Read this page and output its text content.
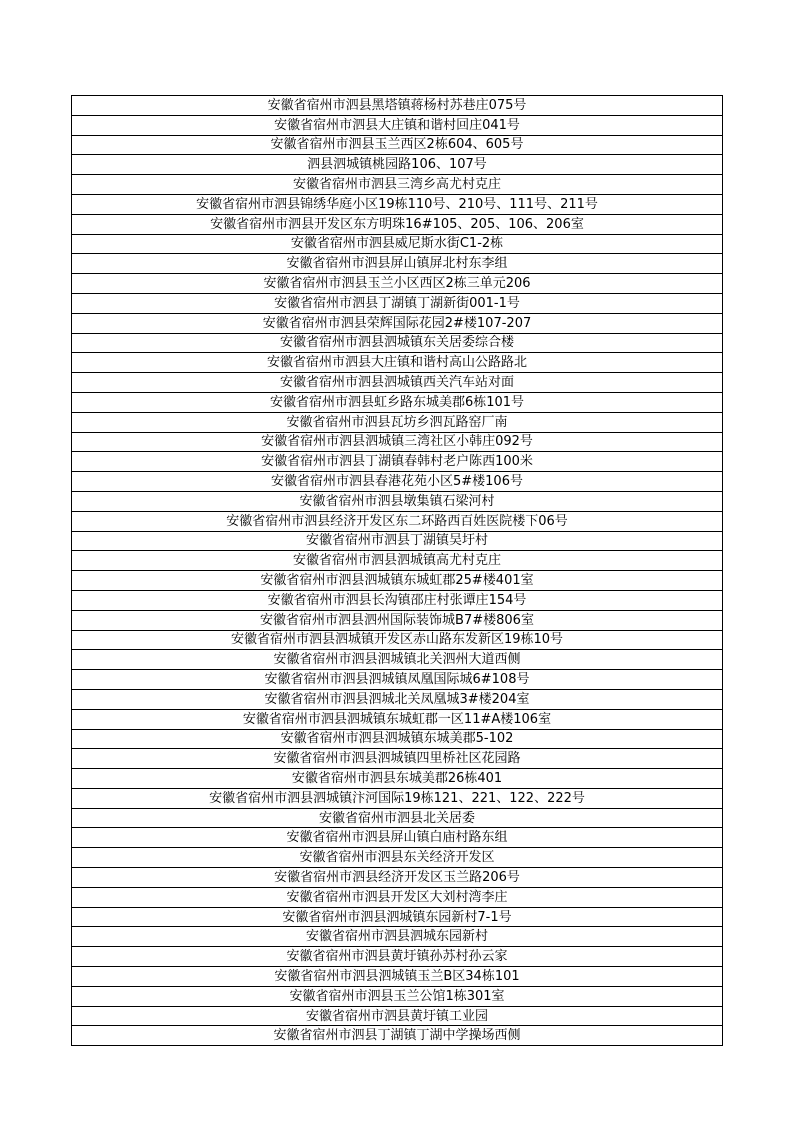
安徽省宿州市泗县黑塔镇蒋杨村苏巷庄075号
安徽省宿州市泗县大庄镇和谐村回庄041号
安徽省宿州市泗县玉兰西区2栋604、605号
泗县泗城镇桃园路106、107号
安徽省宿州市泗县三湾乡高尤村克庄
安徽省宿州市泗县锦绣华庭小区19栋110号、210号、111号、211号
安徽省宿州市泗县开发区东方明珠16#105、205、106、206室
安徽省宿州市泗县威尼斯水街C1-2栋
安徽省宿州市泗县屏山镇屏北村东李组
安徽省宿州市泗县玉兰小区西区2栋三单元206
安徽省宿州市泗县丁湖镇丁湖新街001-1号
安徽省宿州市泗县荣辉国际花园2#楼107-207
安徽省宿州市泗县泗城镇东关居委综合楼
安徽省宿州市泗县大庄镇和谐村高山公路路北
安徽省宿州市泗县泗城镇西关汽车站对面
安徽省宿州市泗县虹乡路东城美郡6栋101号
安徽省宿州市泗县瓦坊乡泗瓦路窑厂南
安徽省宿州市泗县泗城镇三湾社区小韩庄092号
安徽省宿州市泗县丁湖镇春韩村老户陈西100米
安徽省宿州市泗县春港花苑小区5#楼106号
安徽省宿州市泗县墩集镇石梁河村
安徽省宿州市泗县经济开发区东二环路西百姓医院楼下06号
安徽省宿州市泗县丁湖镇吴圩村
安徽省宿州市泗县泗城镇高尤村克庄
安徽省宿州市泗县泗城镇东城虹郡25#楼401室
安徽省宿州市泗县长沟镇邵庄村张谭庄154号
安徽省宿州市泗县泗州国际装饰城B7#楼806室
安徽省宿州市泗县泗城镇开发区赤山路东发新区19栋10号
安徽省宿州市泗县泗城镇北关泗州大道西侧
安徽省宿州市泗县泗城镇凤凰国际城6#108号
安徽省宿州市泗县泗城北关凤凰城3#楼204室
安徽省宿州市泗县泗城镇东城虹郡一区11#A楼106室
安徽省宿州市泗县泗城镇东城美郡5-102
安徽省宿州市泗县泗城镇四里桥社区花园路
安徽省宿州市泗县东城美郡26栋401
安徽省宿州市泗县泗城镇汴河国际19栋121、221、122、222号
安徽省宿州市泗县北关居委
安徽省宿州市泗县屏山镇白庙村路东组
安徽省宿州市泗县东关经济开发区
安徽省宿州市泗县经济开发区玉兰路206号
安徽省宿州市泗县开发区大刘村湾李庄
安徽省宿州市泗县泗城镇东园新村7-1号
安徽省宿州市泗县泗城东园新村
安徽省宿州市泗县黄圩镇孙苏村孙云家
安徽省宿州市泗县泗城镇玉兰B区34栋101
安徽省宿州市泗县玉兰公馆1栋301室
安徽省宿州市泗县黄圩镇工业园
安徽省宿州市泗县丁湖镇丁湖中学操场西侧
